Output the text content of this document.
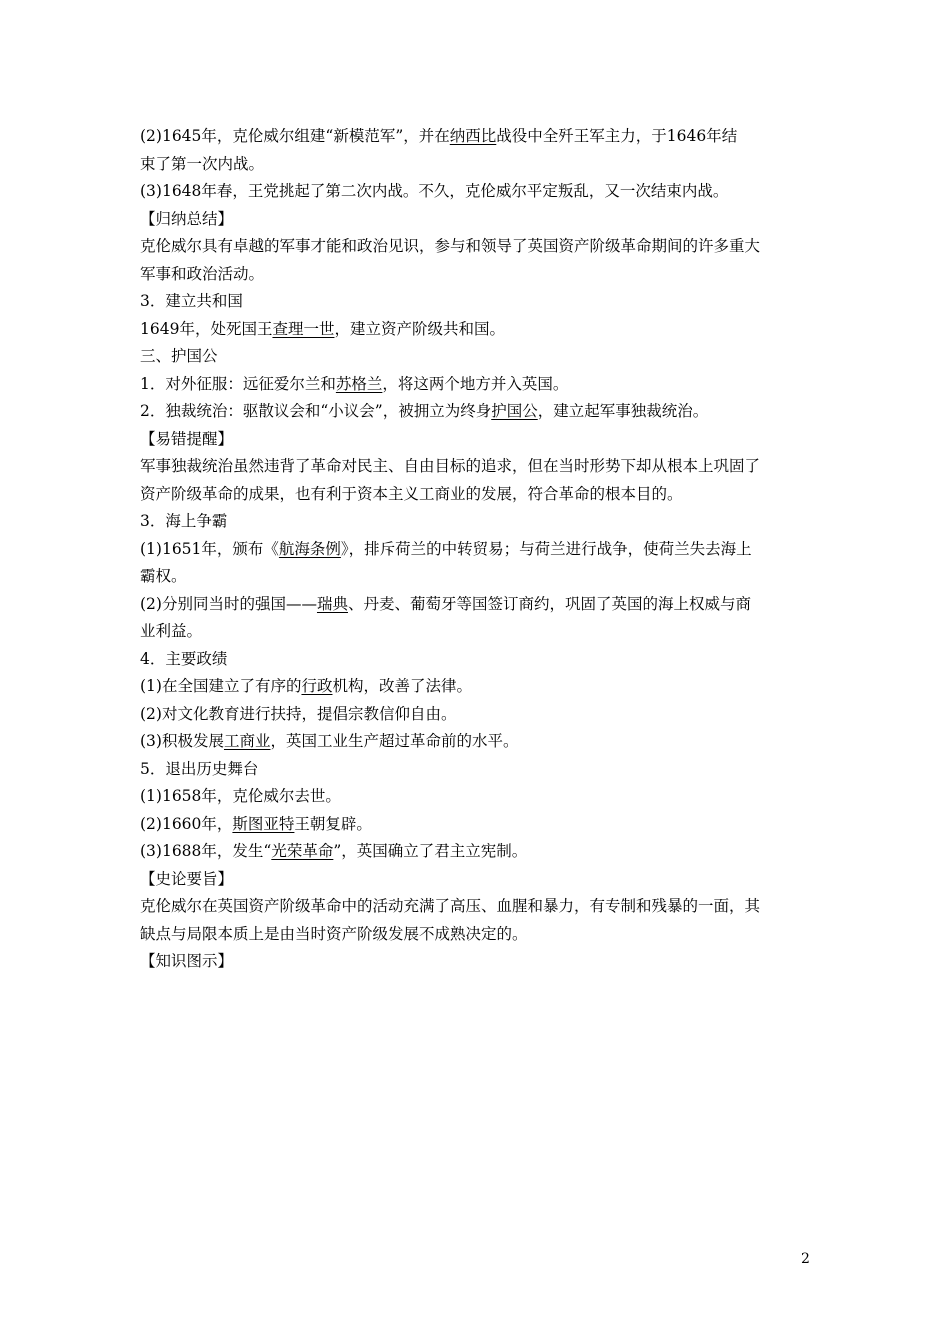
(2)1645年，克伦威尔组建“新模范军”，并在纳西比战役中全歼王军主力，于1646年结
束了第一次内战。
(3)1648年春，王党挑起了第二次内战。不久，克伦威尔平定叛乱，又一次结束内战。
【归纳总结】
克伦威尔具有卓越的军事才能和政治见识，参与和领导了英国资产阶级革命期间的许多重大
军事和政治活动。
3．建立共和国
1649年，处死国王查理一世，建立资产阶级共和国。
三、护国公
1．对外征服：远征爱尔兰和苏格兰，将这两个地方并入英国。
2．独裁统治：驱散议会和“小议会”，被拥立为终身护国公，建立起军事独裁统治。
【易错提醒】
军事独裁统治虽然违背了革命对民主、自由目标的追求，但在当时形势下却从根本上巩固了
资产阶级革命的成果，也有利于资本主义工商业的发展，符合革命的根本目的。
3．海上争霸
(1)1651年，颁布《航海条例》，排斥荷兰的中转贸易；与荷兰进行战争，使荷兰失去海上
霸权。
(2)分别同当时的强国——瑞典、丹麦、葡萄牙等国签订商约，巩固了英国的海上权威与商
业利益。
4．主要政绩
(1)在全国建立了有序的行政机构，改善了法律。
(2)对文化教育进行扶持，提倡宗教信仰自由。
(3)积极发展工商业，英国工业生产超过革命前的水平。
5．退出历史舞台
(1)1658年，克伦威尔去世。
(2)1660年，斯图亚特王朝复辟。
(3)1688年，发生“光荣革命”，英国确立了君主立宪制。
【史论要旨】
克伦威尔在英国资产阶级革命中的活动充满了高压、血腥和暴力，有专制和残暴的一面，其
缺点与局限本质上是由当时资产阶级发展不成熟决定的。
【知识图示】
2
